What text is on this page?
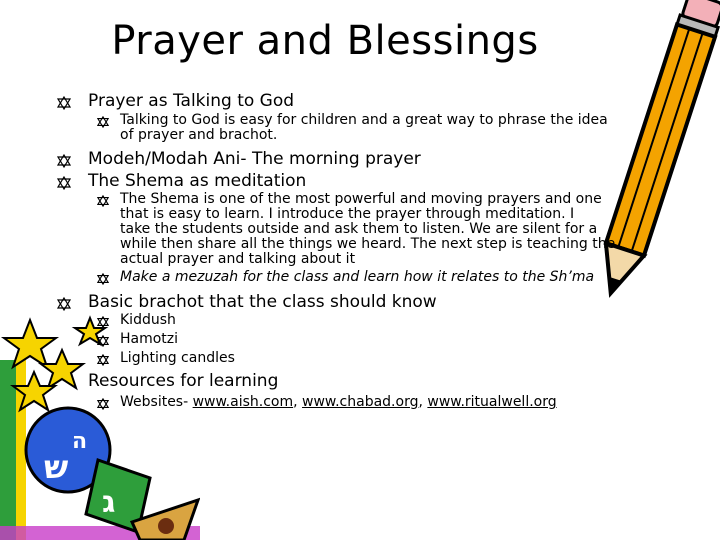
ש
ה
ג
Prayer and Blessings
Prayer as Talking to God
Talking to God is easy for children and a great way to phrase the idea
of prayer and brachot.
Modeh/Modah Ani- The morning prayer
The Shema as meditation
The Shema is one of the most powerful and moving prayers and one
that is easy to learn. I introduce the prayer through meditation. I
take the students outside and ask them to listen. We are silent for a
while then share all the things we heard. The next step is teaching the
actual prayer and talking about it
Make a mezuzah for the class and learn how it relates to the Sh’ma
Basic brachot that the class should know
Kiddush
Hamotzi
Lighting candles
Resources for learning
Websites- www.aish.com, www.chabad.org, www.ritualwell.org
